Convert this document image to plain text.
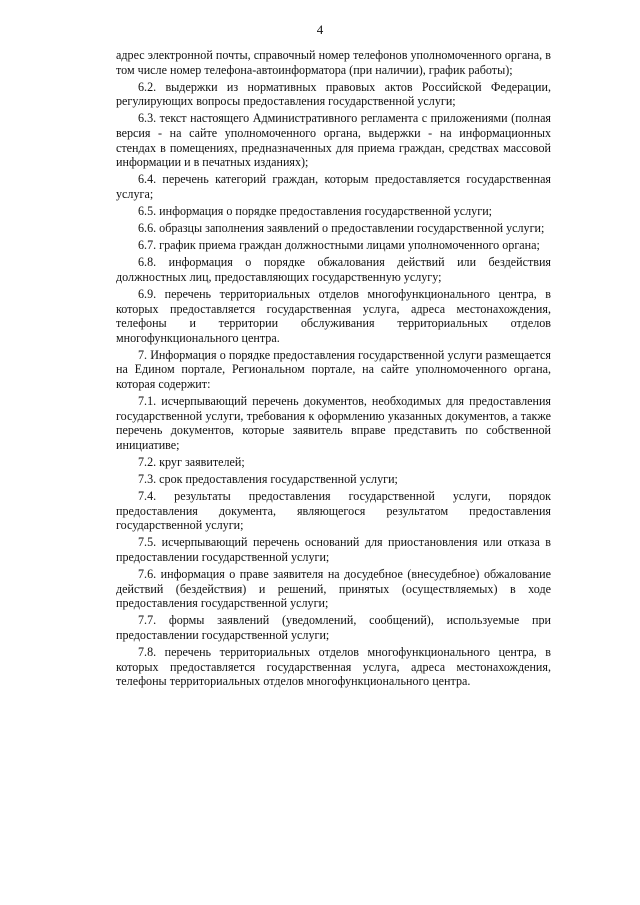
4

адрес электронной почты, справочный номер телефонов уполномоченного органа, в том числе номер телефона-автоинформатора (при наличии), график работы);

6.2. выдержки из нормативных правовых актов Российской Федерации, регулирующих вопросы предоставления государственной услуги;

6.3. текст настоящего Административного регламента с приложениями (полная версия - на сайте уполномоченного органа, выдержки - на информационных стендах в помещениях, предназначенных для приема граждан, средствах массовой информации и в печатных изданиях);

6.4. перечень категорий граждан, которым предоставляется государственная услуга;

6.5. информация о порядке предоставления государственной услуги;

6.6. образцы заполнения заявлений о предоставлении государственной услуги;

6.7. график приема граждан должностными лицами уполномоченного органа;

6.8. информация о порядке обжалования действий или бездействия должностных лиц, предоставляющих государственную услугу;

6.9. перечень территориальных отделов многофункционального центра, в которых предоставляется государственная услуга, адреса местонахождения, телефоны и территории обслуживания территориальных отделов многофункционального центра.

7. Информация о порядке предоставления государственной услуги размещается на Едином портале, Региональном портале, на сайте уполномоченного органа, которая содержит:

7.1. исчерпывающий перечень документов, необходимых для предоставления государственной услуги, требования к оформлению указанных документов, а также перечень документов, которые заявитель вправе представить по собственной инициативе;

7.2. круг заявителей;

7.3. срок предоставления государственной услуги;

7.4. результаты предоставления государственной услуги, порядок предоставления документа, являющегося результатом предоставления государственной услуги;

7.5. исчерпывающий перечень оснований для приостановления или отказа в предоставлении государственной услуги;

7.6. информация о праве заявителя на досудебное (внесудебное) обжалование действий (бездействия) и решений, принятых (осуществляемых) в ходе предоставления государственной услуги;

7.7. формы заявлений (уведомлений, сообщений), используемые при предоставлении государственной услуги;

7.8. перечень территориальных отделов многофункционального центра, в которых предоставляется государственная услуга, адреса местонахождения, телефоны территориальных отделов многофункционального центра.
